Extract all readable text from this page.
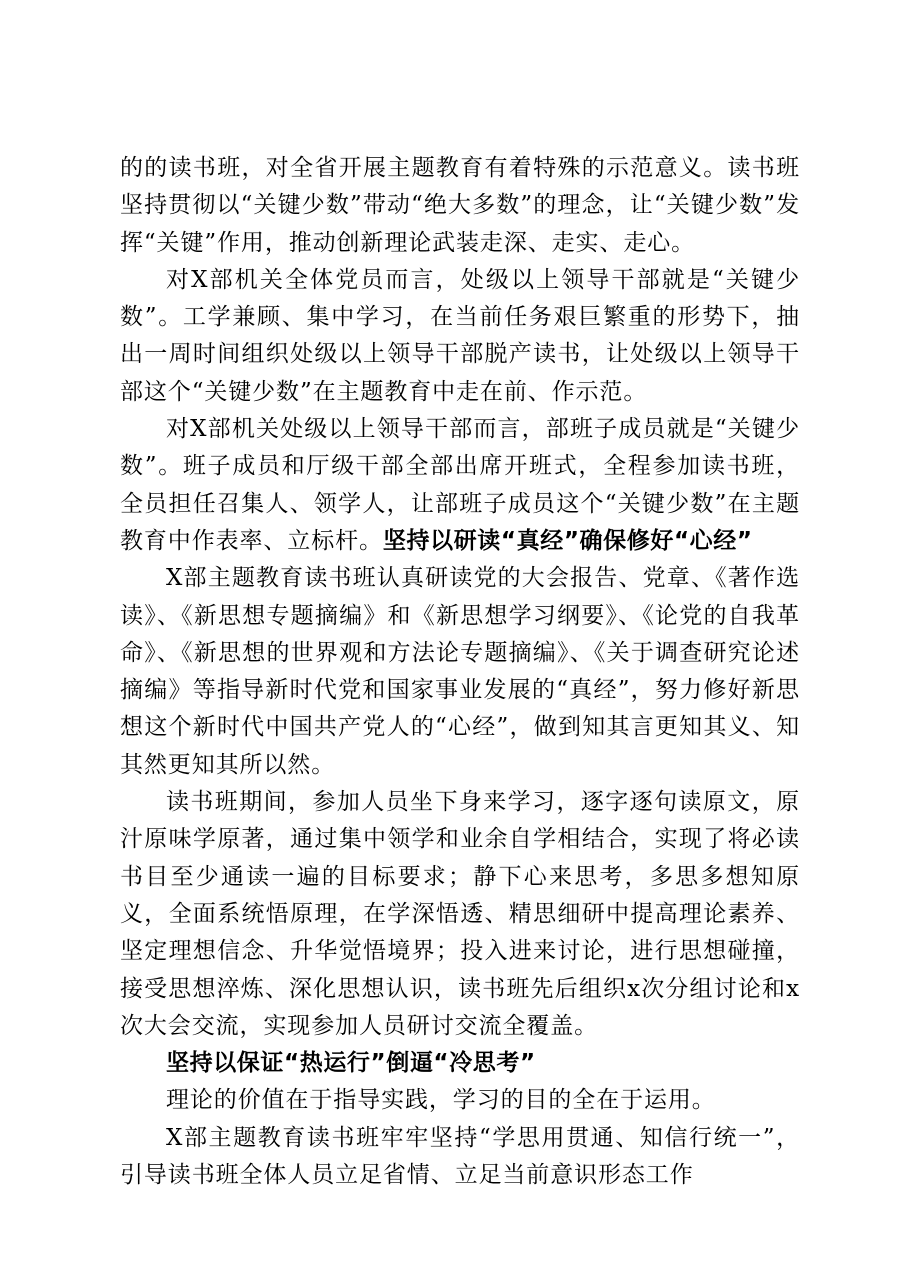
的的读书班，对全省开展主题教育有着特殊的示范意义。读书班坚持贯彻以“关键少数”带动“绝大多数”的理念，让“关键少数”发挥“关键”作用，推动创新理论武装走深、走实、走心。

对X部机关全体党员而言，处级以上领导干部就是“关键少数”。工学兼顾、集中学习，在当前任务艰巨繁重的形势下，抽出一周时间组织处级以上领导干部脱产读书，让处级以上领导干部这个“关键少数”在主题教育中走在前、作示范。

对X部机关处级以上领导干部而言，部班子成员就是“关键少数”。班子成员和厅级干部全部出席开班式，全程参加读书班，全员担任召集人、领学人，让部班子成员这个“关键少数”在主题教育中作表率、立标杆。坚持以研读“真经”确保修好“心经”

X部主题教育读书班认真研读党的大会报告、党章、《著作选读》、《新思想专题摘编》和《新思想学习纲要》、《论党的自我革命》、《新思想的世界观和方法论专题摘编》、《关于调查研究论述摘编》等指导新时代党和国家事业发展的“真经”，努力修好新思想这个新时代中国共产党人的“心经”，做到知其言更知其义、知其然更知其所以然。

读书班期间，参加人员坐下身来学习，逐字逐句读原文，原汁原味学原著，通过集中领学和业余自学相结合，实现了将必读书目至少通读一遍的目标要求；静下心来思考，多思多想知原义，全面系统悟原理，在学深悟透、精思细研中提高理论素养、坚定理想信念、升华觉悟境界；投入进来讨论，进行思想碰撞，接受思想淬炼、深化思想认识，读书班先后组织x次分组讨论和x次大会交流，实现参加人员研讨交流全覆盖。

坚持以保证“热运行”倒逼“冷思考”

理论的价值在于指导实践，学习的目的全在于运用。

X部主题教育读书班牢牢坚持“学思用贯通、知信行统一”，引导读书班全体人员立足省情、立足当前意识形态工作
